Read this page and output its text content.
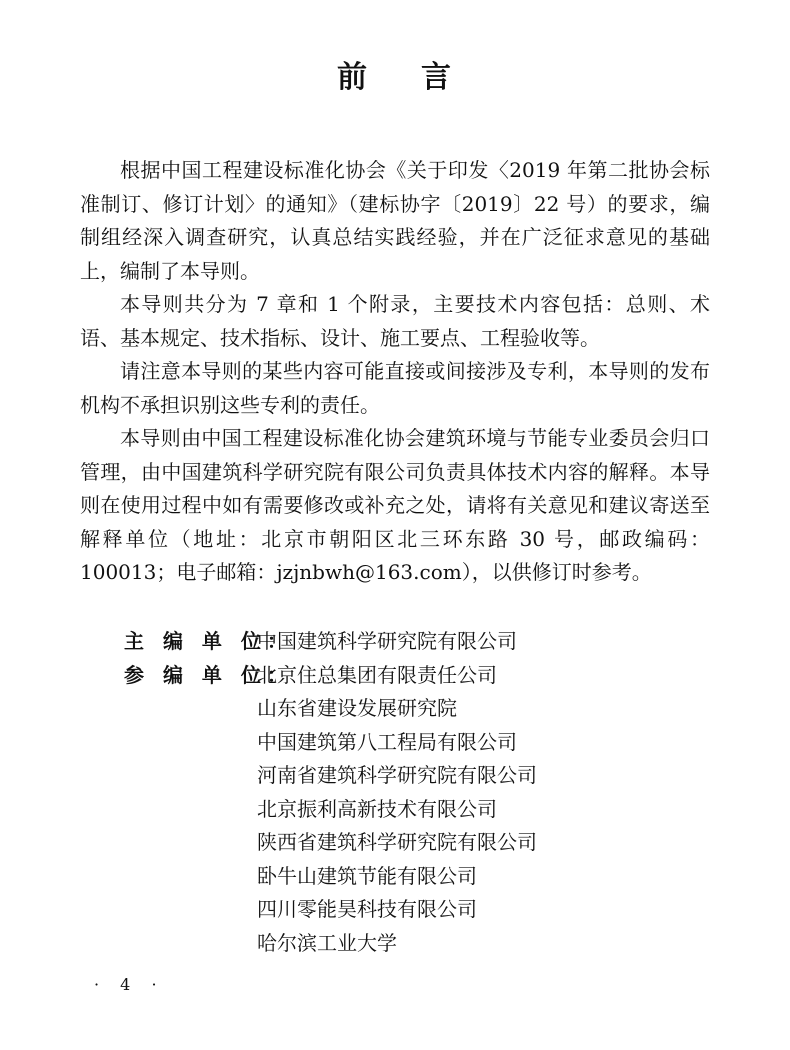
前 言

根据中国工程建设标准化协会《关于印发〈2019 年第二批协会标准制订、修订计划〉的通知》（建标协字〔2019〕22 号）的要求，编制组经深入调查研究，认真总结实践经验，并在广泛征求意见的基础上，编制了本导则。

本导则共分为 7 章和 1 个附录，主要技术内容包括：总则、术语、基本规定、技术指标、设计、施工要点、工程验收等。

请注意本导则的某些内容可能直接或间接涉及专利，本导则的发布机构不承担识别这些专利的责任。

本导则由中国工程建设标准化协会建筑环境与节能专业委员会归口管理，由中国建筑科学研究院有限公司负责具体技术内容的解释。本导则在使用过程中如有需要修改或补充之处，请将有关意见和建议寄送至解释单位（地址：北京市朝阳区北三环东路 30 号，邮政编码：100013；电子邮箱：jzjnbwh@163.com），以供修订时参考。

主 编 单 位：
中国建筑科学研究院有限公司
参 编 单 位：
北京住总集团有限责任公司
山东省建设发展研究院
中国建筑第八工程局有限公司
河南省建筑科学研究院有限公司
北京振利高新技术有限公司
陕西省建筑科学研究院有限公司
卧牛山建筑节能有限公司
四川零能昊科技有限公司
哈尔滨工业大学
· 4 ·
